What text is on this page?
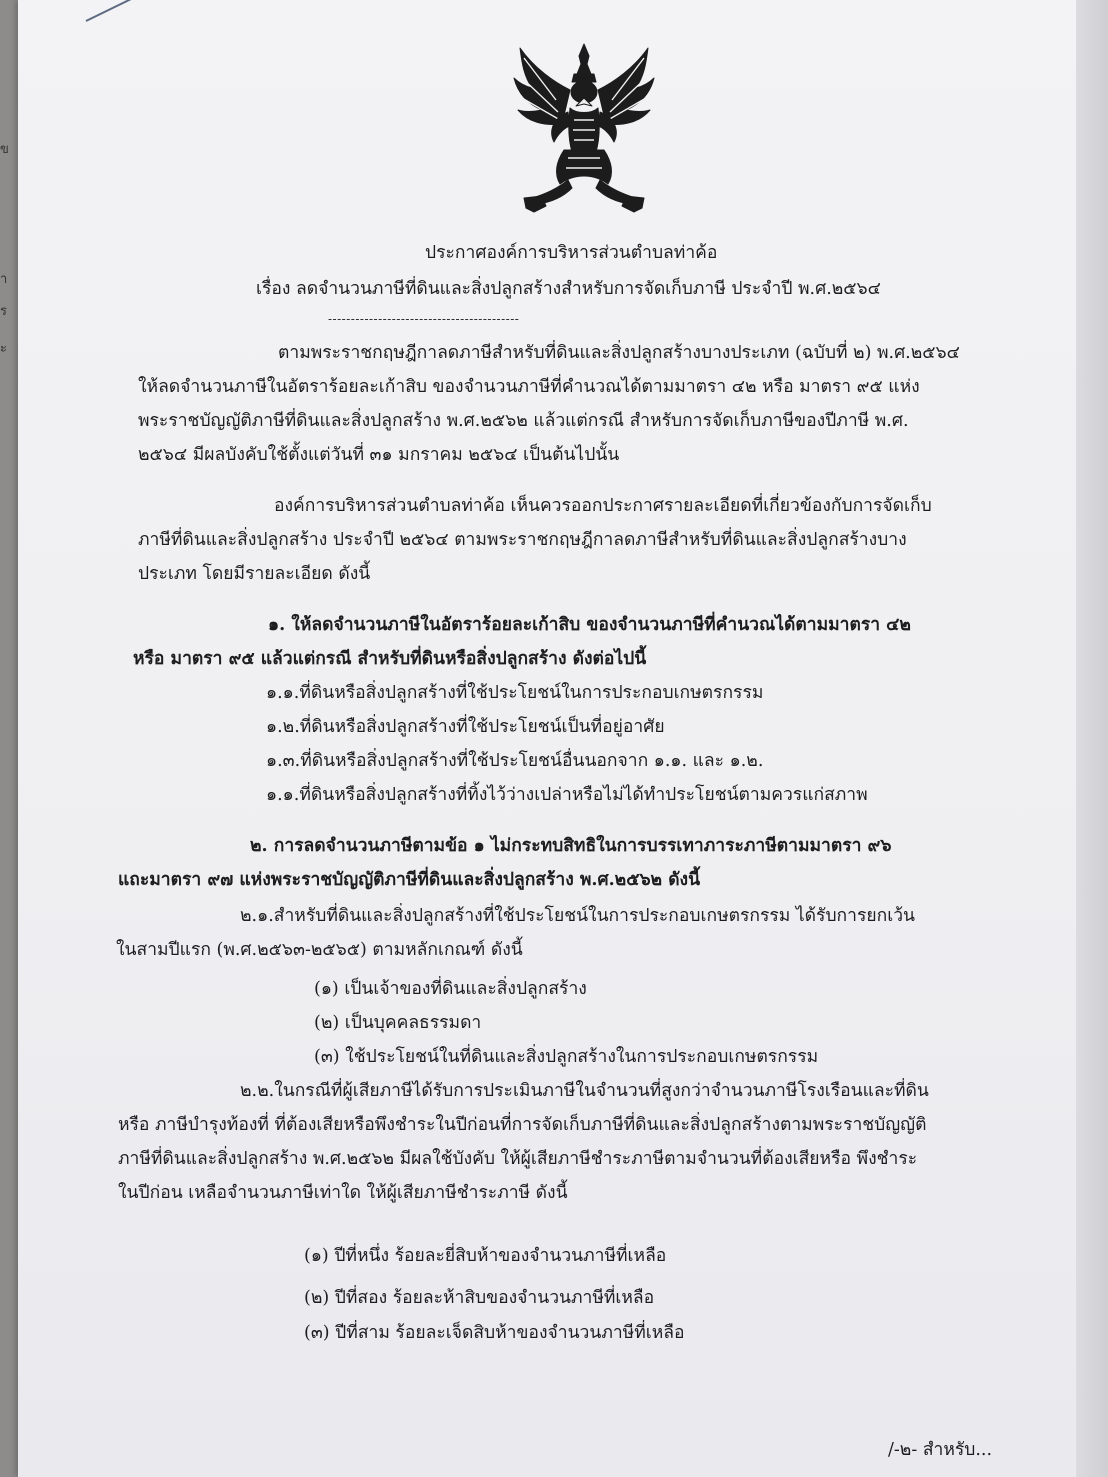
ประกาศองค์การบริหารส่วนตำบลท่าค้อ
เรื่อง ลดจำนวนภาษีที่ดินและสิ่งปลูกสร้างสำหรับการจัดเก็บภาษี ประจำปี พ.ศ.๒๕๖๔
------------------------------------------
ตามพระราชกฤษฎีกาลดภาษีสำหรับที่ดินและสิ่งปลูกสร้างบางประเภท (ฉบับที่ ๒) พ.ศ.๒๕๖๔
ให้ลดจำนวนภาษีในอัตราร้อยละเก้าสิบ ของจำนวนภาษีที่คำนวณได้ตามมาตรา ๔๒ หรือ มาตรา ๙๕ แห่ง
พระราชบัญญัติภาษีที่ดินและสิ่งปลูกสร้าง พ.ศ.๒๕๖๒ แล้วแต่กรณี สำหรับการจัดเก็บภาษีของปีภาษี พ.ศ.
๒๕๖๔ มีผลบังคับใช้ตั้งแต่วันที่ ๓๑ มกราคม ๒๕๖๔ เป็นต้นไปนั้น
องค์การบริหารส่วนตำบลท่าค้อ เห็นควรออกประกาศรายละเอียดที่เกี่ยวข้องกับการจัดเก็บ
ภาษีที่ดินและสิ่งปลูกสร้าง ประจำปี ๒๕๖๔ ตามพระราชกฤษฎีกาลดภาษีสำหรับที่ดินและสิ่งปลูกสร้างบาง
ประเภท โดยมีรายละเอียด ดังนี้
๑. ให้ลดจำนวนภาษีในอัตราร้อยละเก้าสิบ ของจำนวนภาษีที่คำนวณได้ตามมาตรา ๔๒
หรือ มาตรา ๙๕ แล้วแต่กรณี สำหรับที่ดินหรือสิ่งปลูกสร้าง ดังต่อไปนี้
๑.๑.ที่ดินหรือสิ่งปลูกสร้างที่ใช้ประโยชน์ในการประกอบเกษตรกรรม
๑.๒.ที่ดินหรือสิ่งปลูกสร้างที่ใช้ประโยชน์เป็นที่อยู่อาศัย
๑.๓.ที่ดินหรือสิ่งปลูกสร้างที่ใช้ประโยชน์อื่นนอกจาก ๑.๑. และ ๑.๒.
๑.๑.ที่ดินหรือสิ่งปลูกสร้างที่ทิ้งไว้ว่างเปล่าหรือไม่ได้ทำประโยชน์ตามควรแก่สภาพ
๒. การลดจำนวนภาษีตามข้อ ๑ ไม่กระทบสิทธิในการบรรเทาภาระภาษีตามมาตรา ๙๖
แถะมาตรา ๙๗ แห่งพระราชบัญญัติภาษีที่ดินและสิ่งปลูกสร้าง พ.ศ.๒๕๖๒ ดังนี้
๒.๑.สำหรับที่ดินและสิ่งปลูกสร้างที่ใช้ประโยชน์ในการประกอบเกษตรกรรม ได้รับการยกเว้น
ในสามปีแรก (พ.ศ.๒๕๖๓-๒๕๖๕) ตามหลักเกณฑ์ ดังนี้
(๑) เป็นเจ้าของที่ดินและสิ่งปลูกสร้าง
(๒) เป็นบุคคลธรรมดา
(๓) ใช้ประโยชน์ในที่ดินและสิ่งปลูกสร้างในการประกอบเกษตรกรรม
๒.๒.ในกรณีที่ผู้เสียภาษีได้รับการประเมินภาษีในจำนวนที่สูงกว่าจำนวนภาษีโรงเรือนและที่ดิน
หรือ ภาษีบำรุงท้องที่ ที่ต้องเสียหรือพึงชำระในปีก่อนที่การจัดเก็บภาษีที่ดินและสิ่งปลูกสร้างตามพระราชบัญญัติ
ภาษีที่ดินและสิ่งปลูกสร้าง พ.ศ.๒๕๖๒ มีผลใช้บังคับ ให้ผู้เสียภาษีชำระภาษีตามจำนวนที่ต้องเสียหรือ พึงชำระ
ในปีก่อน เหลือจำนวนภาษีเท่าใด ให้ผู้เสียภาษีชำระภาษี ดังนี้
(๑) ปีที่หนึ่ง ร้อยละยี่สิบห้าของจำนวนภาษีที่เหลือ
(๒) ปีที่สอง ร้อยละห้าสิบของจำนวนภาษีที่เหลือ
(๓) ปีที่สาม ร้อยละเจ็ดสิบห้าของจำนวนภาษีที่เหลือ
/-๒- สำหรับ...
ข
า
ร
ะ
